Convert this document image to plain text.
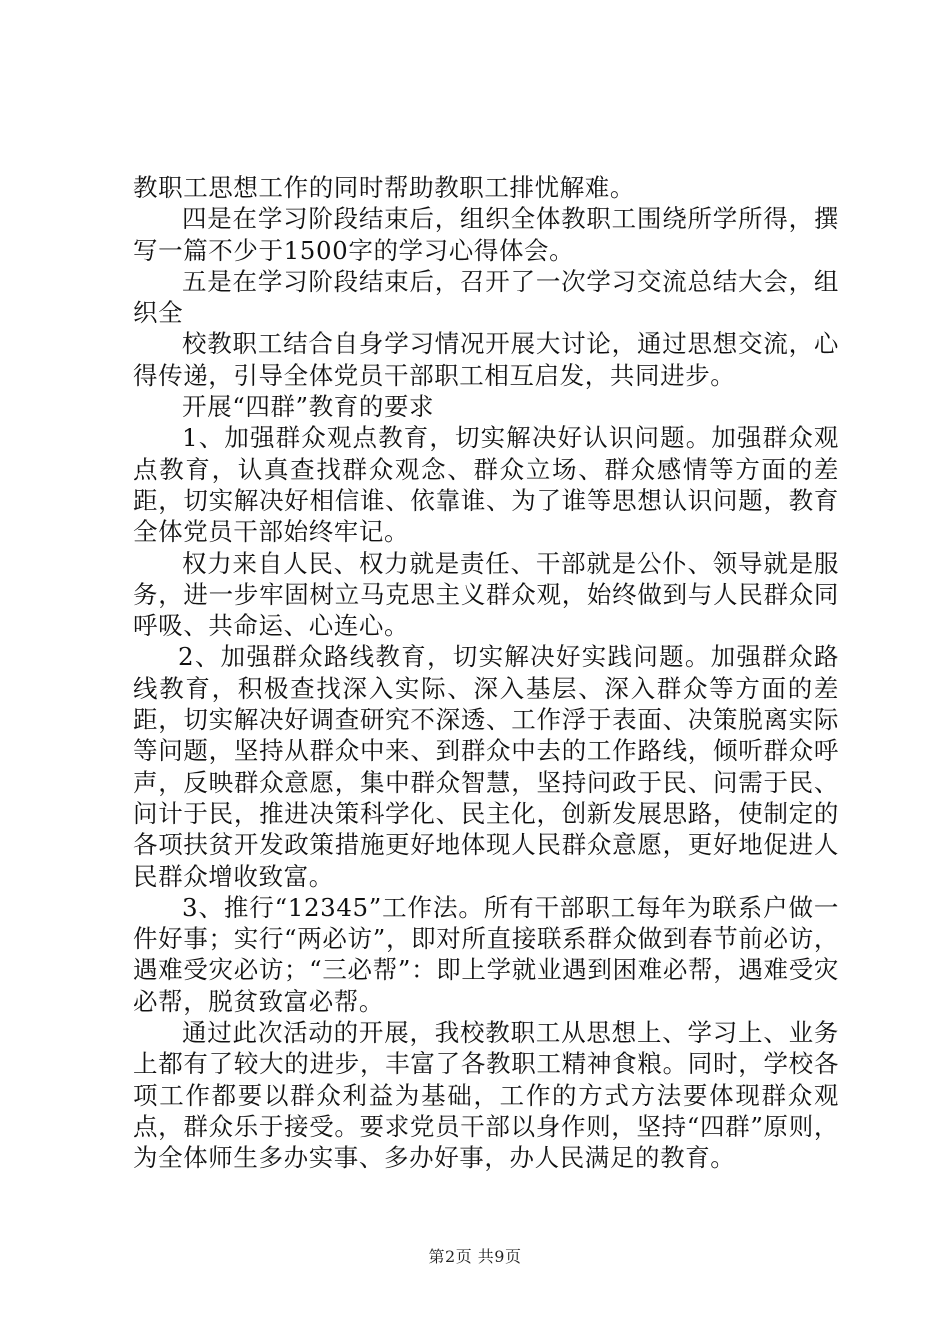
教职工思想工作的同时帮助教职工排忧解难。

四是在学习阶段结束后，组织全体教职工围绕所学所得，撰写一篇不少于1500字的学习心得体会。

五是在学习阶段结束后，召开了一次学习交流总结大会，组织全

校教职工结合自身学习情况开展大讨论，通过思想交流，心得传递，引导全体党员干部职工相互启发，共同进步。

开展“四群”教育的要求

1、加强群众观点教育，切实解决好认识问题。加强群众观点教育，认真查找群众观念、群众立场、群众感情等方面的差距，切实解决好相信谁、依靠谁、为了谁等思想认识问题，教育全体党员干部始终牢记。

权力来自人民、权力就是责任、干部就是公仆、领导就是服务，进一步牢固树立马克思主义群众观，始终做到与人民群众同呼吸、共命运、心连心。

2、加强群众路线教育，切实解决好实践问题。加强群众路线教育，积极查找深入实际、深入基层、深入群众等方面的差距，切实解决好调查研究不深透、工作浮于表面、决策脱离实际等问题，坚持从群众中来、到群众中去的工作路线，倾听群众呼声，反映群众意愿，集中群众智慧，坚持问政于民、问需于民、问计于民，推进决策科学化、民主化，创新发展思路，使制定的各项扶贫开发政策措施更好地体现人民群众意愿，更好地促进人民群众增收致富。

3、推行“12345”工作法。所有干部职工每年为联系户做一件好事；实行“两必访”，即对所直接联系群众做到春节前必访，遇难受灾必访；“三必帮”：即上学就业遇到困难必帮，遇难受灾必帮，脱贫致富必帮。

通过此次活动的开展，我校教职工从思想上、学习上、业务上都有了较大的进步，丰富了各教职工精神食粮。同时，学校各项工作都要以群众利益为基础，工作的方式方法要体现群众观点，群众乐于接受。要求党员干部以身作则，坚持“四群”原则，为全体师生多办实事、多办好事，办人民满足的教育。

第2页 共9页
